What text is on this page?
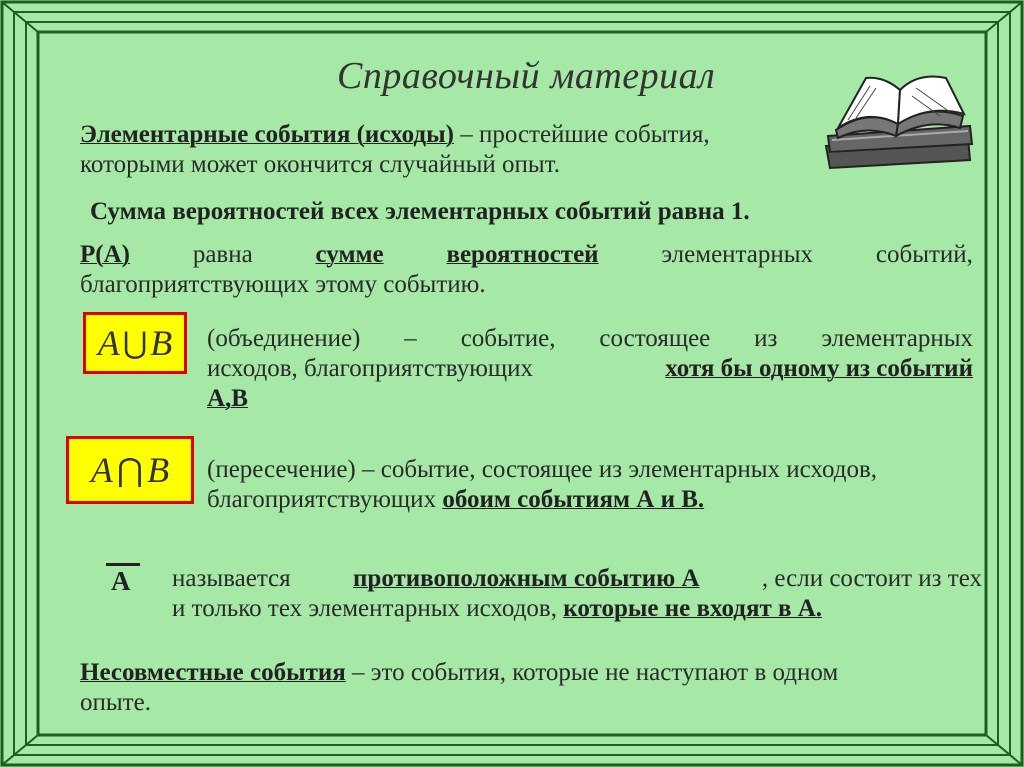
Справочный материал
Элементарные события (исходы) – простейшие события,
которыми может окончится случайный опыт.
Сумма вероятностей всех элементарных событий равна 1.
Р(А)	равна	сумме	вероятностей	элементарных	событий,
благоприятствующих этому событию.
A ⋃ B (объединение) – событие, состоящее из элементарных
исходов, благоприятствующих	хотя бы одному из событий
А,В
A ⋂ B (пересечение) – событие, состоящее из элементарных исходов,
благоприятствующих обоим событиям А и В.
А называется противоположным событию А , если состоит из тех
и только тех элементарных исходов, которые не входят в А.
Несовместные события – это события, которые не наступают в одном
опыте.
